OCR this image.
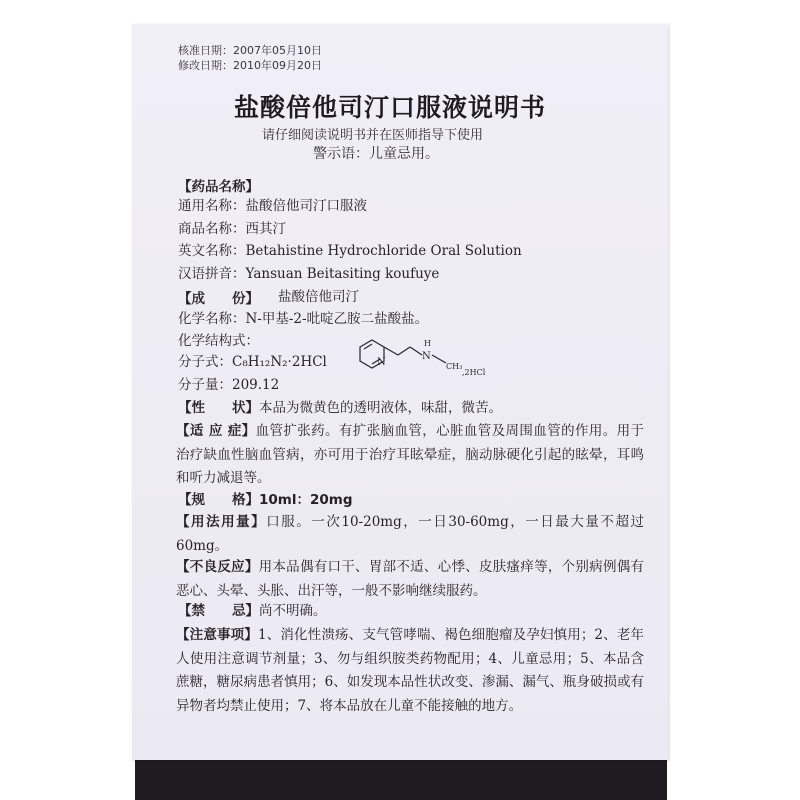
核准日期：2007年05月10日
修改日期：2010年09月20日
盐酸倍他司汀口服液说明书
请仔细阅读说明书并在医师指导下使用
警示语：儿童忌用。
【药品名称】
通用名称：盐酸倍他司汀口服液
商品名称：西其汀
英文名称：Betahistine Hydrochloride Oral Solution
汉语拼音：Yansuan Beitasiting koufuye
【成　　份】 盐酸倍他司汀
化学名称：N-甲基-2-吡啶乙胺二盐酸盐。
化学结构式：
分子式：C₈H₁₂N₂·2HCl	N
N
H
CH₃
,2HCl
分子量：209.12
【性　　状】本品为微黄色的透明液体，味甜，微苦。
【适 应 症】血管扩张药。有扩张脑血管，心脏血管及周围血管的作用。用于治疗缺血性脑血管病，亦可用于治疗耳眩晕症，脑动脉硬化引起的眩晕，耳鸣和听力减退等。
【规　　格】10ml：20mg
【用法用量】口服。一次10-20mg，一日30-60mg，一日最大量不超过60mg。
【不良反应】用本品偶有口干、胃部不适、心悸、皮肤瘙痒等，个别病例偶有恶心、头晕、头胀、出汗等，一般不影响继续服药。
【禁　　忌】尚不明确。
【注意事项】1、消化性溃疡、支气管哮喘、褐色细胞瘤及孕妇慎用；2、老年人使用注意调节剂量；3、勿与组织胺类药物配用；4、儿童忌用；5、本品含蔗糖，糖尿病患者慎用；6、如发现本品性状改变、渗漏、漏气、瓶身破损或有异物者均禁止使用；7、将本品放在儿童不能接触的地方。
